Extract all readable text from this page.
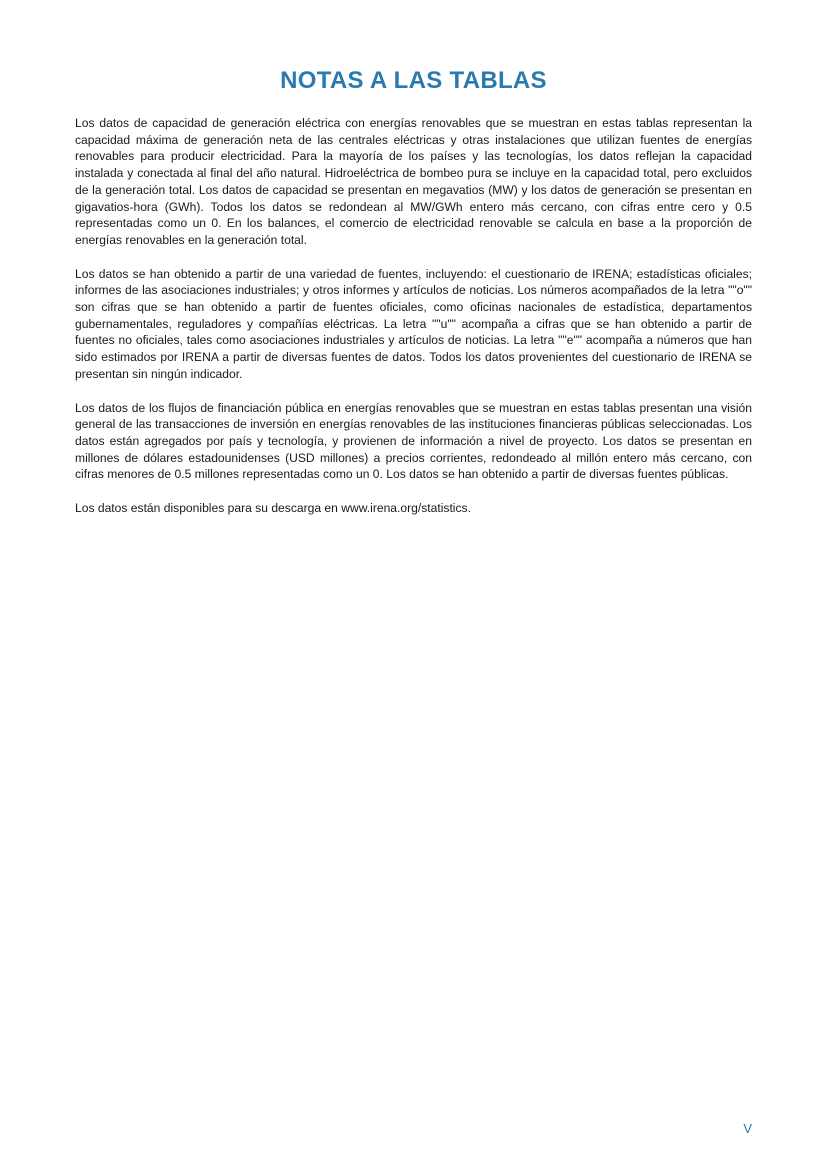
NOTAS A LAS TABLAS

Los datos de capacidad de generación eléctrica con energías renovables que se muestran en estas tablas representan la capacidad máxima de generación neta de las centrales eléctricas y otras instalaciones que utilizan fuentes de energías renovables para producir electricidad. Para la mayoría de los países y las tecnologías, los datos reflejan la capacidad instalada y conectada al final del año natural. Hidroeléctrica de bombeo pura se incluye en la capacidad total, pero excluidos de la generación total. Los datos de capacidad se presentan en megavatios (MW) y los datos de generación se presentan en gigavatios-hora (GWh). Todos los datos se redondean al MW/GWh entero más cercano, con cifras entre cero y 0.5 representadas como un 0. En los balances, el comercio de electricidad renovable se calcula en base a la proporción de energías renovables en la generación total.

Los datos se han obtenido a partir de una variedad de fuentes, incluyendo: el cuestionario de IRENA; estadísticas oficiales; informes de las asociaciones industriales; y otros informes y artículos de noticias. Los números acompañados de la letra ""o"" son cifras que se han obtenido a partir de fuentes oficiales, como oficinas nacionales de estadística, departamentos gubernamentales, reguladores y compañías eléctricas. La letra ""u"" acompaña a cifras que se han obtenido a partir de fuentes no oficiales, tales como asociaciones industriales y artículos de noticias. La letra ""e"" acompaña a números que han sido estimados por IRENA a partir de diversas fuentes de datos. Todos los datos provenientes del cuestionario de IRENA se presentan sin ningún indicador.

Los datos de los flujos de financiación pública en energías renovables que se muestran en estas tablas presentan una visión general de las transacciones de inversión en energías renovables de las instituciones financieras públicas seleccionadas. Los datos están agregados por país y tecnología, y provienen de información a nivel de proyecto. Los datos se presentan en millones de dólares estadounidenses (USD millones) a precios corrientes, redondeado al millón entero más cercano, con cifras menores de 0.5 millones representadas como un 0. Los datos se han obtenido a partir de diversas fuentes públicas.

Los datos están disponibles para su descarga en www.irena.org/statistics.

V
